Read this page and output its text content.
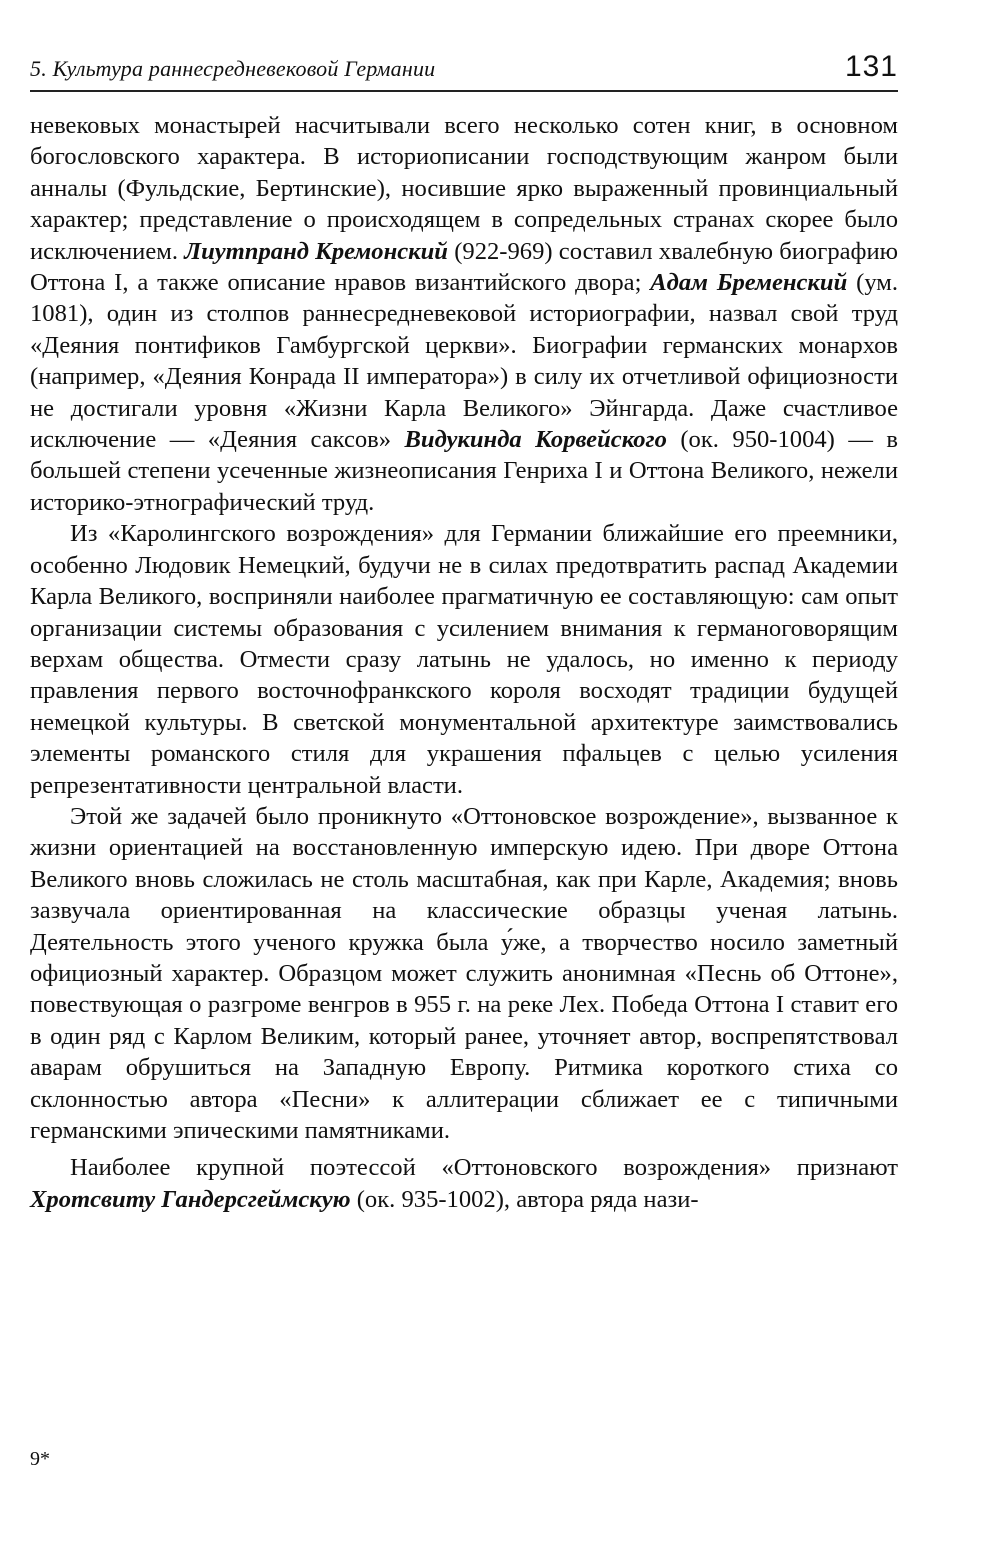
5. Культура раннесредневековой Германии	131

невековых монастырей насчитывали всего несколько сотен книг, в основном богословского характера. В историописании господствующим жанром были анналы (Фульдские, Бертинские), носившие ярко выраженный провинциальный характер; представление о происходящем в сопредельных странах скорее было исключением. Лиутпранд Кремонский (922-969) составил хвалебную биографию Оттона I, а также описание нравов византийского двора; Адам Бременский (ум. 1081), один из столпов раннесредневековой историографии, назвал свой труд «Деяния понтификов Гамбургской церкви». Биографии германских монархов (например, «Деяния Конрада II императора») в силу их отчетливой официозности не достигали уровня «Жизни Карла Великого» Эйнгарда. Даже счастливое исключение — «Деяния саксов» Видукинда Корвейского (ок. 950-1004) — в большей степени усеченные жизнеописания Генриха I и Оттона Великого, нежели историко-этнографический труд.

Из «Каролингского возрождения» для Германии ближайшие его преемники, особенно Людовик Немецкий, будучи не в силах предотвратить распад Академии Карла Великого, восприняли наиболее прагматичную ее составляющую: сам опыт организации системы образования с усилением внимания к германоговорящим верхам общества. Отмести сразу латынь не удалось, но именно к периоду правления первого восточнофранкского короля восходят традиции будущей немецкой культуры. В светской монументальной архитектуре заимствовались элементы романского стиля для украшения пфальцев с целью усиления репрезентативности центральной власти.

Этой же задачей было проникнуто «Оттоновское возрождение», вызванное к жизни ориентацией на восстановленную имперскую идею. При дворе Оттона Великого вновь сложилась не столь масштабная, как при Карле, Академия; вновь зазвучала ориентированная на классические образцы ученая латынь. Деятельность этого ученого кружка была у́же, а творчество носило заметный официозный характер. Образцом может служить анонимная «Песнь об Оттоне», повествующая о разгроме венгров в 955 г. на реке Лех. Победа Оттона I ставит его в один ряд с Карлом Великим, который ранее, уточняет автор, воспрепятствовал аварам обрушиться на Западную Европу. Ритмика короткого стиха со склонностью автора «Песни» к аллитерации сближает ее с типичными германскими эпическими памятниками.

Наиболее крупной поэтессой «Оттоновского возрождения» признают Хротсвиту Гандерсгеймскую (ок. 935-1002), автора ряда нази-

9*
